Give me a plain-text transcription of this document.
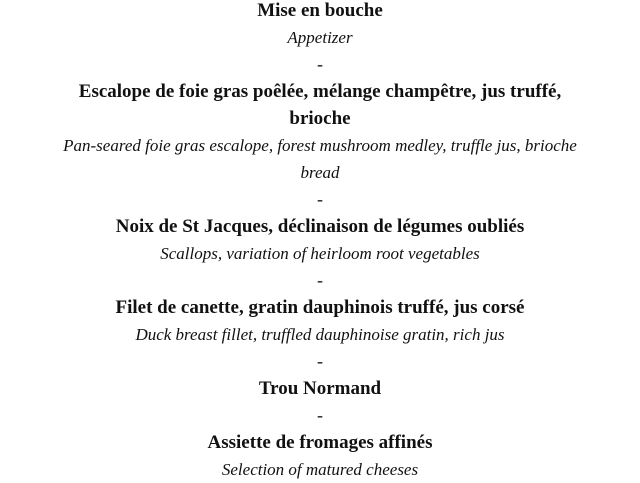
Mise en bouche
Appetizer
-
Escalope de foie gras poêlée, mélange champêtre, jus truffé, brioche
Pan-seared foie gras escalope, forest mushroom medley, truffle jus, brioche bread
-
Noix de St Jacques, déclinaison de légumes oubliés
Scallops, variation of heirloom root vegetables
-
Filet de canette, gratin dauphinois truffé, jus corsé
Duck breast fillet, truffled dauphinoise gratin, rich jus
-
Trou Normand
-
Assiette de fromages affinés
Selection of matured cheeses
